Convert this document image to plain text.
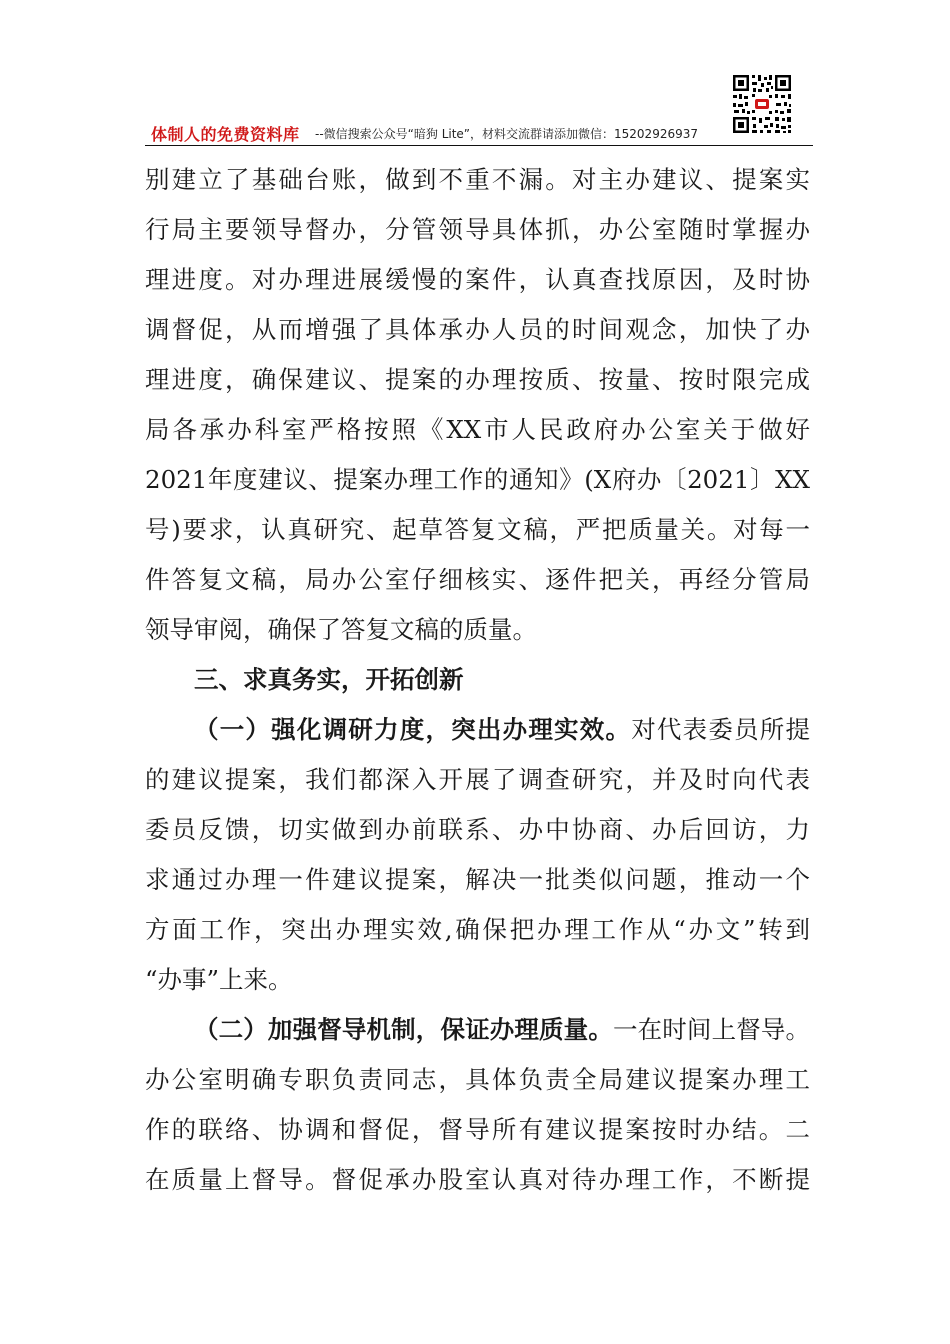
体制人的免费资料库 --微信搜索公众号“暗狗 Lite”，材料交流群请添加微信：15202926937
别建立了基础台账，做到不重不漏。对主办建议、提案实
行局主要领导督办，分管领导具体抓，办公室随时掌握办
理进度。对办理进展缓慢的案件，认真查找原因，及时协
调督促，从而增强了具体承办人员的时间观念，加快了办
理进度，确保建议、提案的办理按质、按量、按时限完成
局各承办科室严格按照《XX市人民政府办公室关于做好
2021年度建议、提案办理工作的通知》(X府办〔2021〕XX
号)要求，认真研究、起草答复文稿，严把质量关。对每一
件答复文稿，局办公室仔细核实、逐件把关，再经分管局
领导审阅，确保了答复文稿的质量。
三、求真务实，开拓创新
（一）强化调研力度，突出办理实效。对代表委员所提
的建议提案，我们都深入开展了调查研究，并及时向代表
委员反馈，切实做到办前联系、办中协商、办后回访，力
求通过办理一件建议提案，解决一批类似问题，推动一个
方面工作，突出办理实效,确保把办理工作从“办文”转到
“办事”上来。
（二）加强督导机制，保证办理质量。一在时间上督导。
办公室明确专职负责同志，具体负责全局建议提案办理工
作的联络、协调和督促，督导所有建议提案按时办结。二
在质量上督导。督促承办股室认真对待办理工作，不断提
